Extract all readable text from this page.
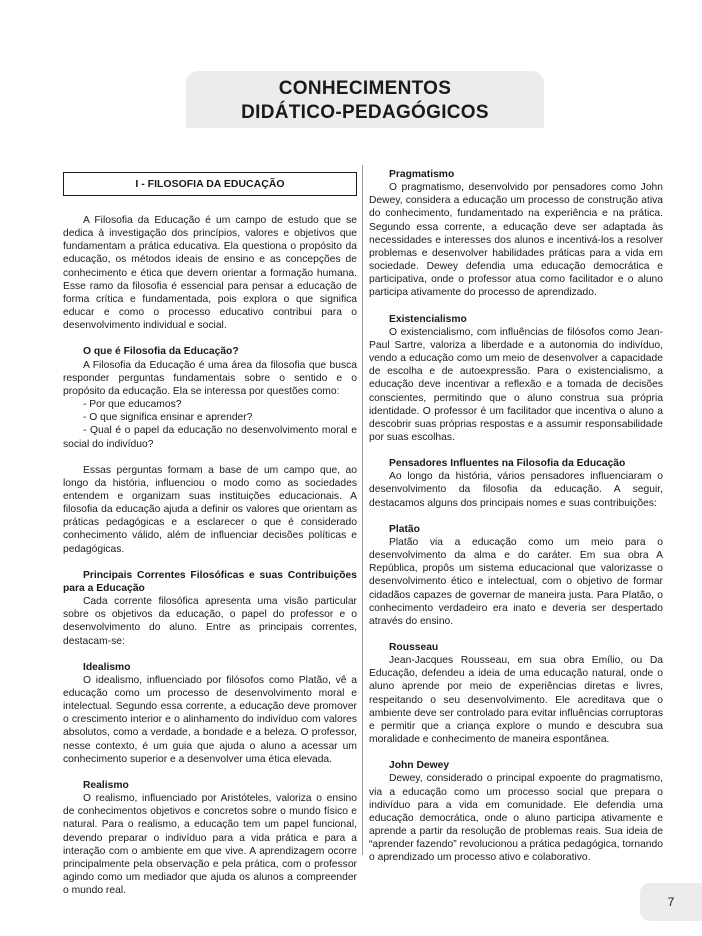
CONHECIMENTOS
DIDÁTICO-PEDAGÓGICOS
I - FILOSOFIA DA EDUCAÇÃO

A Filosofia da Educação é um campo de estudo que se dedica à investigação dos princípios, valores e objetivos que fundamentam a prática educativa. Ela questiona o propósito da educação, os métodos ideais de ensino e as concepções de conhecimento e ética que devem orientar a formação humana. Esse ramo da filosofia é essencial para pensar a educação de forma crítica e fundamentada, pois explora o que significa educar e como o processo educativo contribui para o desenvolvimento individual e social.

O que é Filosofia da Educação?

A Filosofia da Educação é uma área da filosofia que busca responder perguntas fundamentais sobre o sentido e o propósito da educação. Ela se interessa por questões como:

- Por que educamos?

- O que significa ensinar e aprender?

- Qual é o papel da educação no desenvolvimento moral e social do indivíduo?

Essas perguntas formam a base de um campo que, ao longo da história, influenciou o modo como as sociedades entendem e organizam suas instituições educacionais. A filosofia da educação ajuda a definir os valores que orientam as práticas pedagógicas e a esclarecer o que é considerado conhecimento válido, além de influenciar decisões políticas e pedagógicas.

Principais Correntes Filosóficas e suas Contribuições para a Educação

Cada corrente filosófica apresenta uma visão particular sobre os objetivos da educação, o papel do professor e o desenvolvimento do aluno. Entre as principais correntes, destacam-se:

Idealismo

O idealismo, influenciado por filósofos como Platão, vê a educação como um processo de desenvolvimento moral e intelectual. Segundo essa corrente, a educação deve promover o crescimento interior e o alinhamento do indivíduo com valores absolutos, como a verdade, a bondade e a beleza. O professor, nesse contexto, é um guia que ajuda o aluno a acessar um conhecimento superior e a desenvolver uma ética elevada.

Realismo

O realismo, influenciado por Aristóteles, valoriza o ensino de conhecimentos objetivos e concretos sobre o mundo físico e natural. Para o realismo, a educação tem um papel funcional, devendo preparar o indivíduo para a vida prática e para a interação com o ambiente em que vive. A aprendizagem ocorre principalmente pela observação e pela prática, com o professor agindo como um mediador que ajuda os alunos a compreender o mundo real.

Pragmatismo

O pragmatismo, desenvolvido por pensadores como John Dewey, considera a educação um processo de construção ativa do conhecimento, fundamentado na experiência e na prática. Segundo essa corrente, a educação deve ser adaptada às necessidades e interesses dos alunos e incentivá-los a resolver problemas e desenvolver habilidades práticas para a vida em sociedade. Dewey defendia uma educação democrática e participativa, onde o professor atua como facilitador e o aluno participa ativamente do processo de aprendizado.

Existencialismo

O existencialismo, com influências de filósofos como Jean-Paul Sartre, valoriza a liberdade e a autonomia do indivíduo, vendo a educação como um meio de desenvolver a capacidade de escolha e de autoexpressão. Para o existencialismo, a educação deve incentivar a reflexão e a tomada de decisões conscientes, permitindo que o aluno construa sua própria identidade. O professor é um facilitador que incentiva o aluno a descobrir suas próprias respostas e a assumir responsabilidade por suas escolhas.

Pensadores Influentes na Filosofia da Educação

Ao longo da história, vários pensadores influenciaram o desenvolvimento da filosofia da educação. A seguir, destacamos alguns dos principais nomes e suas contribuições:

Platão

Platão via a educação como um meio para o desenvolvimento da alma e do caráter. Em sua obra A República, propôs um sistema educacional que valorizasse o desenvolvimento ético e intelectual, com o objetivo de formar cidadãos capazes de governar de maneira justa. Para Platão, o conhecimento verdadeiro era inato e deveria ser despertado através do ensino.

Rousseau

Jean-Jacques Rousseau, em sua obra Emílio, ou Da Educação, defendeu a ideia de uma educação natural, onde o aluno aprende por meio de experiências diretas e livres, respeitando o seu desenvolvimento. Ele acreditava que o ambiente deve ser controlado para evitar influências corruptoras e permitir que a criança explore o mundo e descubra sua moralidade e conhecimento de maneira espontânea.

John Dewey

Dewey, considerado o principal expoente do pragmatismo, via a educação como um processo social que prepara o indivíduo para a vida em comunidade. Ele defendia uma educação democrática, onde o aluno participa ativamente e aprende a partir da resolução de problemas reais. Sua ideia de “aprender fazendo” revolucionou a prática pedagógica, tornando o aprendizado um processo ativo e colaborativo.

7
